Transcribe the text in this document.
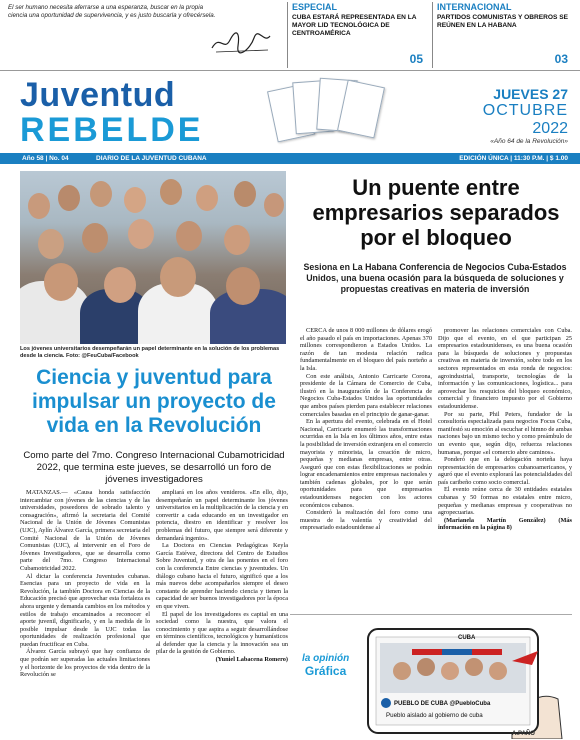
El ser humano necesita aferrarse a una esperanza, buscar en la propia ciencia una oportunidad de supervivencia, y es justo buscarla y ofrecérsela.
ESPECIAL
CUBA ESTARÁ REPRESENTADA EN LA MAYOR LID TECNOLÓGICA DE CENTROAMÉRICA
05
INTERNACIONAL
PARTIDOS COMUNISTAS Y OBREROS SE REÚNEN EN LA HABANA
03
Juventud
REBELDE
JUEVES 27
OCTUBRE
2022
«Año 64 de la Revolución»
Año 58 | No. 04	DIARIO DE LA JUVENTUD CUBANA	EDICIÓN ÚNICA | 11:30 P.M. | $ 1.00
Los jóvenes universitarios desempeñarán un papel determinante en la solución de los problemas desde la ciencia. Foto: @FeuCuba/Facebook
Ciencia y juventud para impulsar un proyecto de vida en la Revolución
Como parte del 7mo. Congreso Internacional Cubamotricidad 2022, que termina este jueves, se desarrolló un foro de jóvenes investigadores

MATANZAS.— «Causa honda satisfacción intercambiar con jóvenes de las ciencias y de las universidades, poseedores de sobrado talento y consagración», afirmó la secretaria del Comité Nacional de la Unión de Jóvenes Comunistas (UJC), Aylín Álvarez García, primera secretaria del Comité Nacional de la Unión de Jóvenes Comunistas (UJC), al intervenir en el Foro de Jóvenes Investigadores, que se desarrolla como parte del 7mo. Congreso Internacional Cubamotricidad 2022.

Al dictar la conferencia Juventudes cubanas. Esencias para un proyecto de vida en la Revolución, la también Doctora en Ciencias de la Educación precisó que aprovechar esta fortaleza es ahora urgente y demanda cambios en los métodos y estilos de trabajo encaminados a reconocer el aporte juvenil, dignificarlo, y en la medida de lo posible impulsar desde la UJC todas las oportunidades de realización profesional que puedan fructificar en Cuba.

Álvarez García subrayó que hay confianza de que podrán ser superadas las actuales limitaciones y el horizonte de los proyectos de vida dentro de la Revolución se

ampliará en los años venideros. «En ello, dijo, desempeñarán un papel determinante los jóvenes universitarios en la multiplicación de la ciencia y en convertir a cada educando en un investigador en potencia, diestro en identificar y resolver los problemas del futuro, que siempre será diferente y demandará ingenio».

La Doctora en Ciencias Pedagógicas Keyla García Estévez, directora del Centro de Estudios Sobre Juventud, y otra de las ponentes en el foro con la conferencia Entre ciencias y juventudes. Un diálogo cubano hacia el futuro, significó que a los más nuevos debe acompañarlos siempre el deseo constante de aprender haciendo ciencia y tienen la capacidad de ser buenos investigadores por la época en que viven.

El papel de los investigadores es capital en una sociedad como la nuestra, que valora el conocimiento y que aspira a seguir desarrollándose en términos científicos, tecnológicos y humanísticos al defender que la ciencia y la innovación sea un pilar de la gestión de Gobierno.

(Yuniel Labacena Romero)

Un puente entre empresarios separados por el bloqueo
Sesiona en La Habana Conferencia de Negocios Cuba-Estados Unidos, una buena ocasión para la búsqueda de soluciones y propuestas creativas en materia de inversión

CERCA de unos 8 000 millones de dólares erogó el año pasado el país en importaciones. Apenas 370 millones correspondieron a Estados Unidos. La razón de tan modesta relación radica fundamentalmente en el bloqueo del país norteño a la Isla.

Con este análisis, Antonio Carricarte Corona, presidente de la Cámara de Comercio de Cuba, ilustró en la inauguración de la Conferencia de Negocios Cuba-Estados Unidos las oportunidades que ambos países pierden para establecer relaciones comerciales basadas en el principio de ganar-ganar.

En la apertura del evento, celebrada en el Hotel Nacional, Carricarte enumeró las transformaciones ocurridas en la Isla en los últimos años, entre estas la posibilidad de inversión extranjera en el comercio mayorista y minorista, la creación de micro, pequeñas y medianas empresas, entre otras. Aseguró que con estas flexibilizaciones se podrán lograr encadenamientos entre empresas nacionales y también cadenas globales, por lo que serán oportunidades para que empresarios estadounidenses negocien con los actores económicos cubanos.

Consideró la realización del foro como una muestra de la valentía y creatividad del empresariado estadounidense al

promover las relaciones comerciales con Cuba. Dijo que el evento, en el que participan 25 empresarios estadounidenses, es una buena ocasión para la búsqueda de soluciones y propuestas creativas en materia de inversión, sobre todo en los sectores representados en esta ronda de negocios: agroindustrial, transporte, tecnologías de la información y las comunicaciones, logística... para aprovechar los resquicios del bloqueo económico, comercial y financiero impuesto por el Gobierno estadounidense.

Por su parte, Phil Peters, fundador de la consultoría especializada para negocios Focus Cuba, manifestó su emoción al escuchar el himno de ambas naciones bajo un mismo techo y como preámbulo de un evento que, según dijo, refuerza relaciones humanas, porque «el comercio abre caminos».

Ponderó que en la delegación norteña haya representación de empresarios cubanoamericanos, y aguró que el evento explorará las potencialidades del país caribeño como socio comercial.

El evento reúne cerca de 30 entidades estatales cubanas y 50 formas no estatales entre micro, pequeñas y medianas empresas y cooperativas no agropecuarias.

(Marianela Martín González) (Más información en la página 8)

la opinión
Gráfica
PUEBLO DE CUBA @PuebloCuba
Pueblo aislado al gobierno de cuba
CUBA
A.PAÑO
